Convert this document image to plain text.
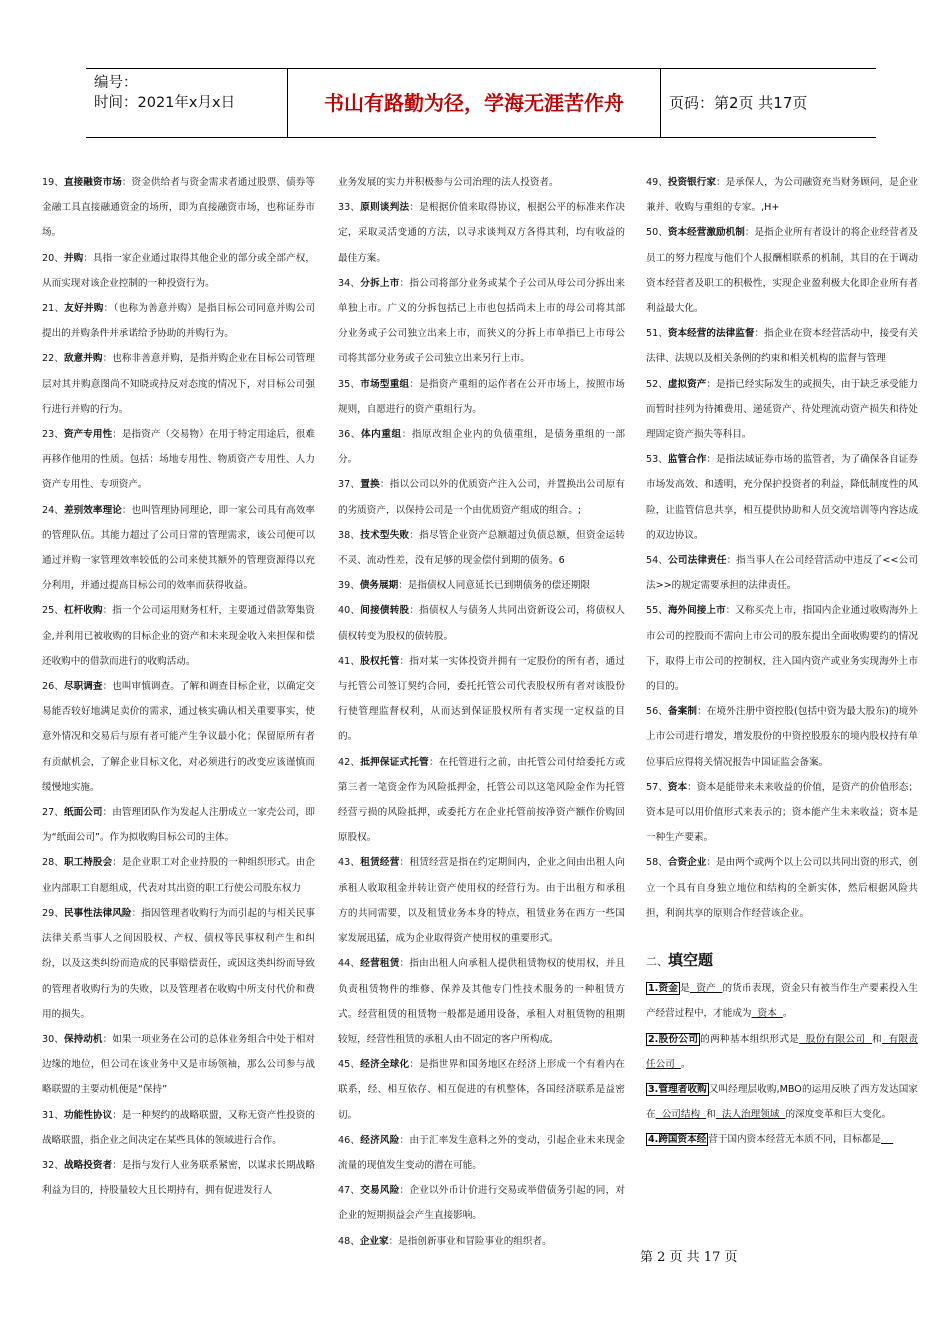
编号：
时间：2021年x月x日	书山有路勤为径，学海无涯苦作舟	页码：第2页 共17页

19、直接融资市场：资金供给者与资金需求者通过股票、债券等金融工具直接融通资金的场所，即为直接融资市场，也称证券市场。

20、并购：具指一家企业通过取得其他企业的部分或全部产权，从而实现对该企业控制的一种投资行为。

21、友好并购：（也称为善意并购）是指目标公司同意并购公司提出的并购条件并承诺给予协助的并购行为。

22、敌意并购：也称非善意并购，是指并购企业在目标公司管理层对其并购意图尚不知晓或持反对态度的情况下，对目标公司强行进行并购的行为。

23、资产专用性：是指资产（交易物）在用于特定用途后，很难再移作他用的性质。包括：场地专用性、物质资产专用性、人力资产专用性、专项资产。

24、差别效率理论：也叫管理协同理论，即一家公司具有高效率的管理队伍。其能力超过了公司日常的管理需求，该公司便可以通过并购一家管理效率较低的公司来使其额外的管理资源得以充分利用，并通过提高目标公司的效率而获得收益。

25、杠杆收购：指一个公司运用财务杠杆，主要通过借款筹集资金,并利用已被收购的目标企业的资产和未来现金收入来担保和偿还收购中的借款而进行的收购活动。

26、尽职调查：也叫审慎调查。了解和调查目标企业，以确定交易能否较好地满足卖价的需求，通过核实确认相关重要事实，使意外情况和交易后与原有者可能产生争议最小化；保留原所有者有贡献机会，了解企业目标文化，对必须进行的改变应该谨慎而缓慢地实施。

27、纸面公司：由管理团队作为发起人注册成立一家壳公司，即为“纸面公司”。作为拟收购目标公司的主体。

28、职工持股会：是企业职工对企业持股的一种组织形式。由企业内部职工自愿组成，代表对其出资的职工行使公司股东权力

29、民事性法律风险：指因管理者收购行为而引起的与相关民事法律关系当事人之间因股权、产权、债权等民事权利产生和纠纷，以及这类纠纷而造成的民事赔偿责任，或因这类纠纷而导致的管理者收购行为的失败，以及管理者在收购中所支付代价和费用的损失。

30、保持动机：如果一项业务在公司的总体业务组合中处于相对边缘的地位，但公司在该业务中又是市场领袖，那么公司参与战略联盟的主要动机便是“保持”

31、功能性协议：是一种契约的战略联盟，又称无资产性投资的战略联盟，指企业之间决定在某些具体的领域进行合作。

32、战略投资者：是指与发行人业务联系紧密，以谋求长期战略利益为目的，持股量较大且长期持有，拥有促进发行人

业务发展的实力并积极参与公司治理的法人投资者。

33、原则谈判法：是根据价值来取得协议，根据公平的标准来作决定，采取灵活变通的方法，以寻求谈判双方各得其利，均有收益的最佳方案。

34、分拆上市：指公司将部分业务或某个子公司从母公司分拆出来单独上市。广义的分拆包括已上市也包括尚未上市的母公司将其部分业务或子公司独立出来上市，而狭义的分拆上市单指已上市母公司将其部分业务或子公司独立出来另行上市。

35、市场型重组：是指资产重组的运作者在公开市场上，按照市场规则，自愿进行的资产重组行为。

36、体内重组：指原改组企业内的负债重组，是债务重组的一部分。

37、置换：指以公司以外的优质资产注入公司，并置换出公司原有的劣质资产，以保持公司是一个由优质资产组成的组合。;

38、技术型失败：指尽管企业资产总额超过负债总额，但资金运转不灵、流动性差，没有足够的现金偿付到期的债务。6

39、债务展期：是指债权人同意延长已到期债务的偿还期限

40、间接债转股：指债权人与债务人共同出资新设公司，将债权人债权转变为股权的债转股。

41、股权托管：指对某一实体投资并拥有一定股份的所有者，通过与托管公司签订契约合同，委托托管公司代表股权所有者对该股份行使管理监督权利，从而达到保证股权所有者实现一定权益的目的。

42、抵押保证式托管：在托管进行之前，由托管公司付给委托方或第三者一笔资金作为风险抵押金，托管公司以这笔风险金作为托管经营亏损的风险抵押，或委托方在企业托管前按净资产额作价购回原股权。

43、租赁经营：租赁经营是指在约定期间内，企业之间由出租人向承租人收取租金并转让资产使用权的经营行为。由于出租方和承租方的共同需要，以及租赁业务本身的特点，租赁业务在西方一些国家发展迅猛，成为企业取得资产使用权的重要形式。

44、经营租赁：指由出租人向承租人提供租赁物权的使用权，并且负责租赁物件的维修、保养及其他专门性技术服务的一种租赁方式。经营租赁的租赁物一般都是通用设备，承租人对租赁物的租期较短，经营性租赁的承租人由不固定的客户所构成。

45、经济全球化：是指世界和国务地区在经济上形成一个有着内在联系，经、相互依存、相互促进的有机整体，各国经济联系是益密切。

46、经济风险：由于汇率发生意料之外的变动，引起企业未来现金流量的现值发生变动的潜在可能。

47、交易风险：企业以外币计价进行交易或举借债务引起的同，对企业的短期损益会产生直接影响。

48、企业家：是指创新事业和冒险事业的组织者。

49、投资银行家：是承保人，为公司融资充当财务顾问，是企业兼并、收购与重组的专家。,H+

50、资本经营激励机制：是指企业所有者设计的将企业经营者及员工的努力程度与他们个人报酬相联系的机制，其目的在于调动资本经营者及职工的积极性，实现企业盈利极大化即企业所有者利益最大化。

51、资本经营的法律监督：指企业在资本经营活动中，接受有关法律、法规以及相关条例的约束和相关机构的监督与管理

52、虚拟资产：是指已经实际发生的或损失，由于缺乏承受能力而暂时挂列为待摊费用、递延资产、待处理流动资产损失和待处理固定资产损失等科目。

53、监管合作：是指法域证券市场的监管者，为了确保各自证券市场发高效、和透明，充分保护投资者的利益，降低制度性的风险，让监管信息共享，相互提供协助和人员交流培训等内容达成的双边协议。

54、公司法律责任：指当事人在公司经营活动中违反了<<公司法>>的规定需要承担的法律责任。

55、海外间接上市：又称买壳上市，指国内企业通过收购海外上市公司的控股而不需向上市公司的股东提出全面收购要约的情况下，取得上市公司的控制权，注入国内资产或业务实现海外上市的目的。

56、备案制：在境外注册中资控股(包括中资为最大股东)的境外上市公司进行增发，增发股份的中资控股股东的境内股权持有单位事后应得将关情况报告中国证监会备案。

57、资本：资本是能带来未来收益的价值，是资产的价值形态；资本是可以用价值形式来表示的；资本能产生未来收益；资本是一种生产要素。

58、合资企业：是由两个或两个以上公司以共同出资的形式，创立一个具有自身独立地位和结构的全新实体，然后根据风险共担，利润共享的原则合作经营该企业。

二、填空题

1.资金 是  资产  的货币表现，资金只有被当作生产要素投入生产经营过程中，才能成为  资本  。

2.股份公司 的两种基本组织形式是  股份有限公司  和  有限责任公司  。

3.管理者收购 又叫经理层收购,MBO的运用反映了西方发达国家在  公司结构  和  法人治理领域  的深度变革和巨大变化。

4.跨国资本经 营于国内资本经营无本质不同，目标都是

第 2 页 共 17 页
